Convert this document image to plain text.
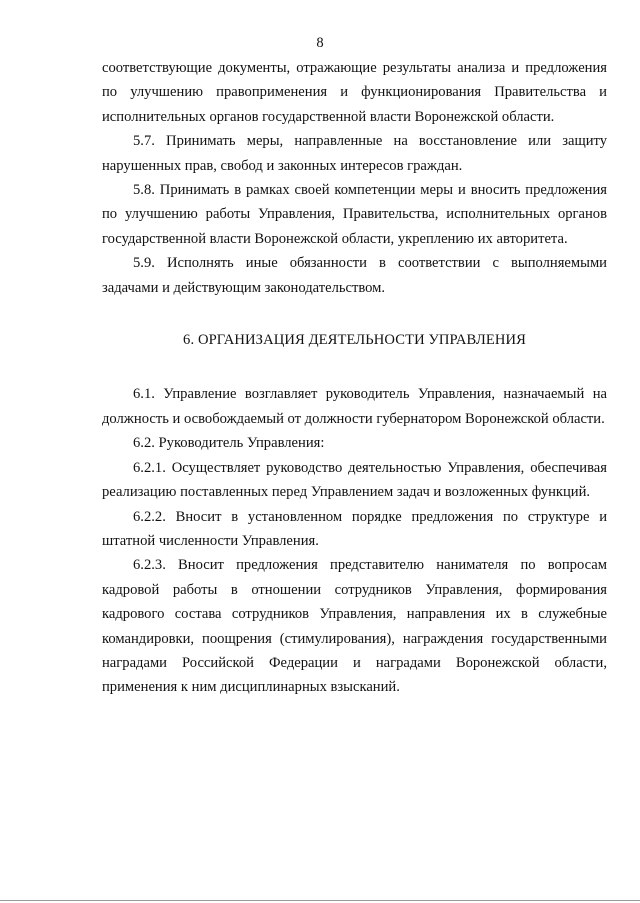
8

соответствующие документы, отражающие результаты анализа и предложения по улучшению правоприменения и функционирования Правительства и исполнительных органов государственной власти Воронежской области.

5.7. Принимать меры, направленные на восстановление или защиту нарушенных прав, свобод и законных интересов граждан.

5.8. Принимать в рамках своей компетенции меры и вносить предложения по улучшению работы Управления, Правительства, исполнительных органов государственной власти Воронежской области, укреплению их авторитета.

5.9. Исполнять иные обязанности в соответствии с выполняемыми задачами и действующим законодательством.

6. ОРГАНИЗАЦИЯ ДЕЯТЕЛЬНОСТИ УПРАВЛЕНИЯ

6.1. Управление возглавляет руководитель Управления, назначаемый на должность и освобождаемый от должности губернатором Воронежской области.

6.2. Руководитель Управления:

6.2.1. Осуществляет руководство деятельностью Управления, обеспечивая реализацию поставленных перед Управлением задач и возложенных функций.

6.2.2. Вносит в установленном порядке предложения по структуре и штатной численности Управления.

6.2.3. Вносит предложения представителю нанимателя по вопросам кадровой работы в отношении сотрудников Управления, формирования кадрового состава сотрудников Управления, направления их в служебные командировки, поощрения (стимулирования), награждения государственными наградами Российской Федерации и наградами Воронежской области, применения к ним дисциплинарных взысканий.
